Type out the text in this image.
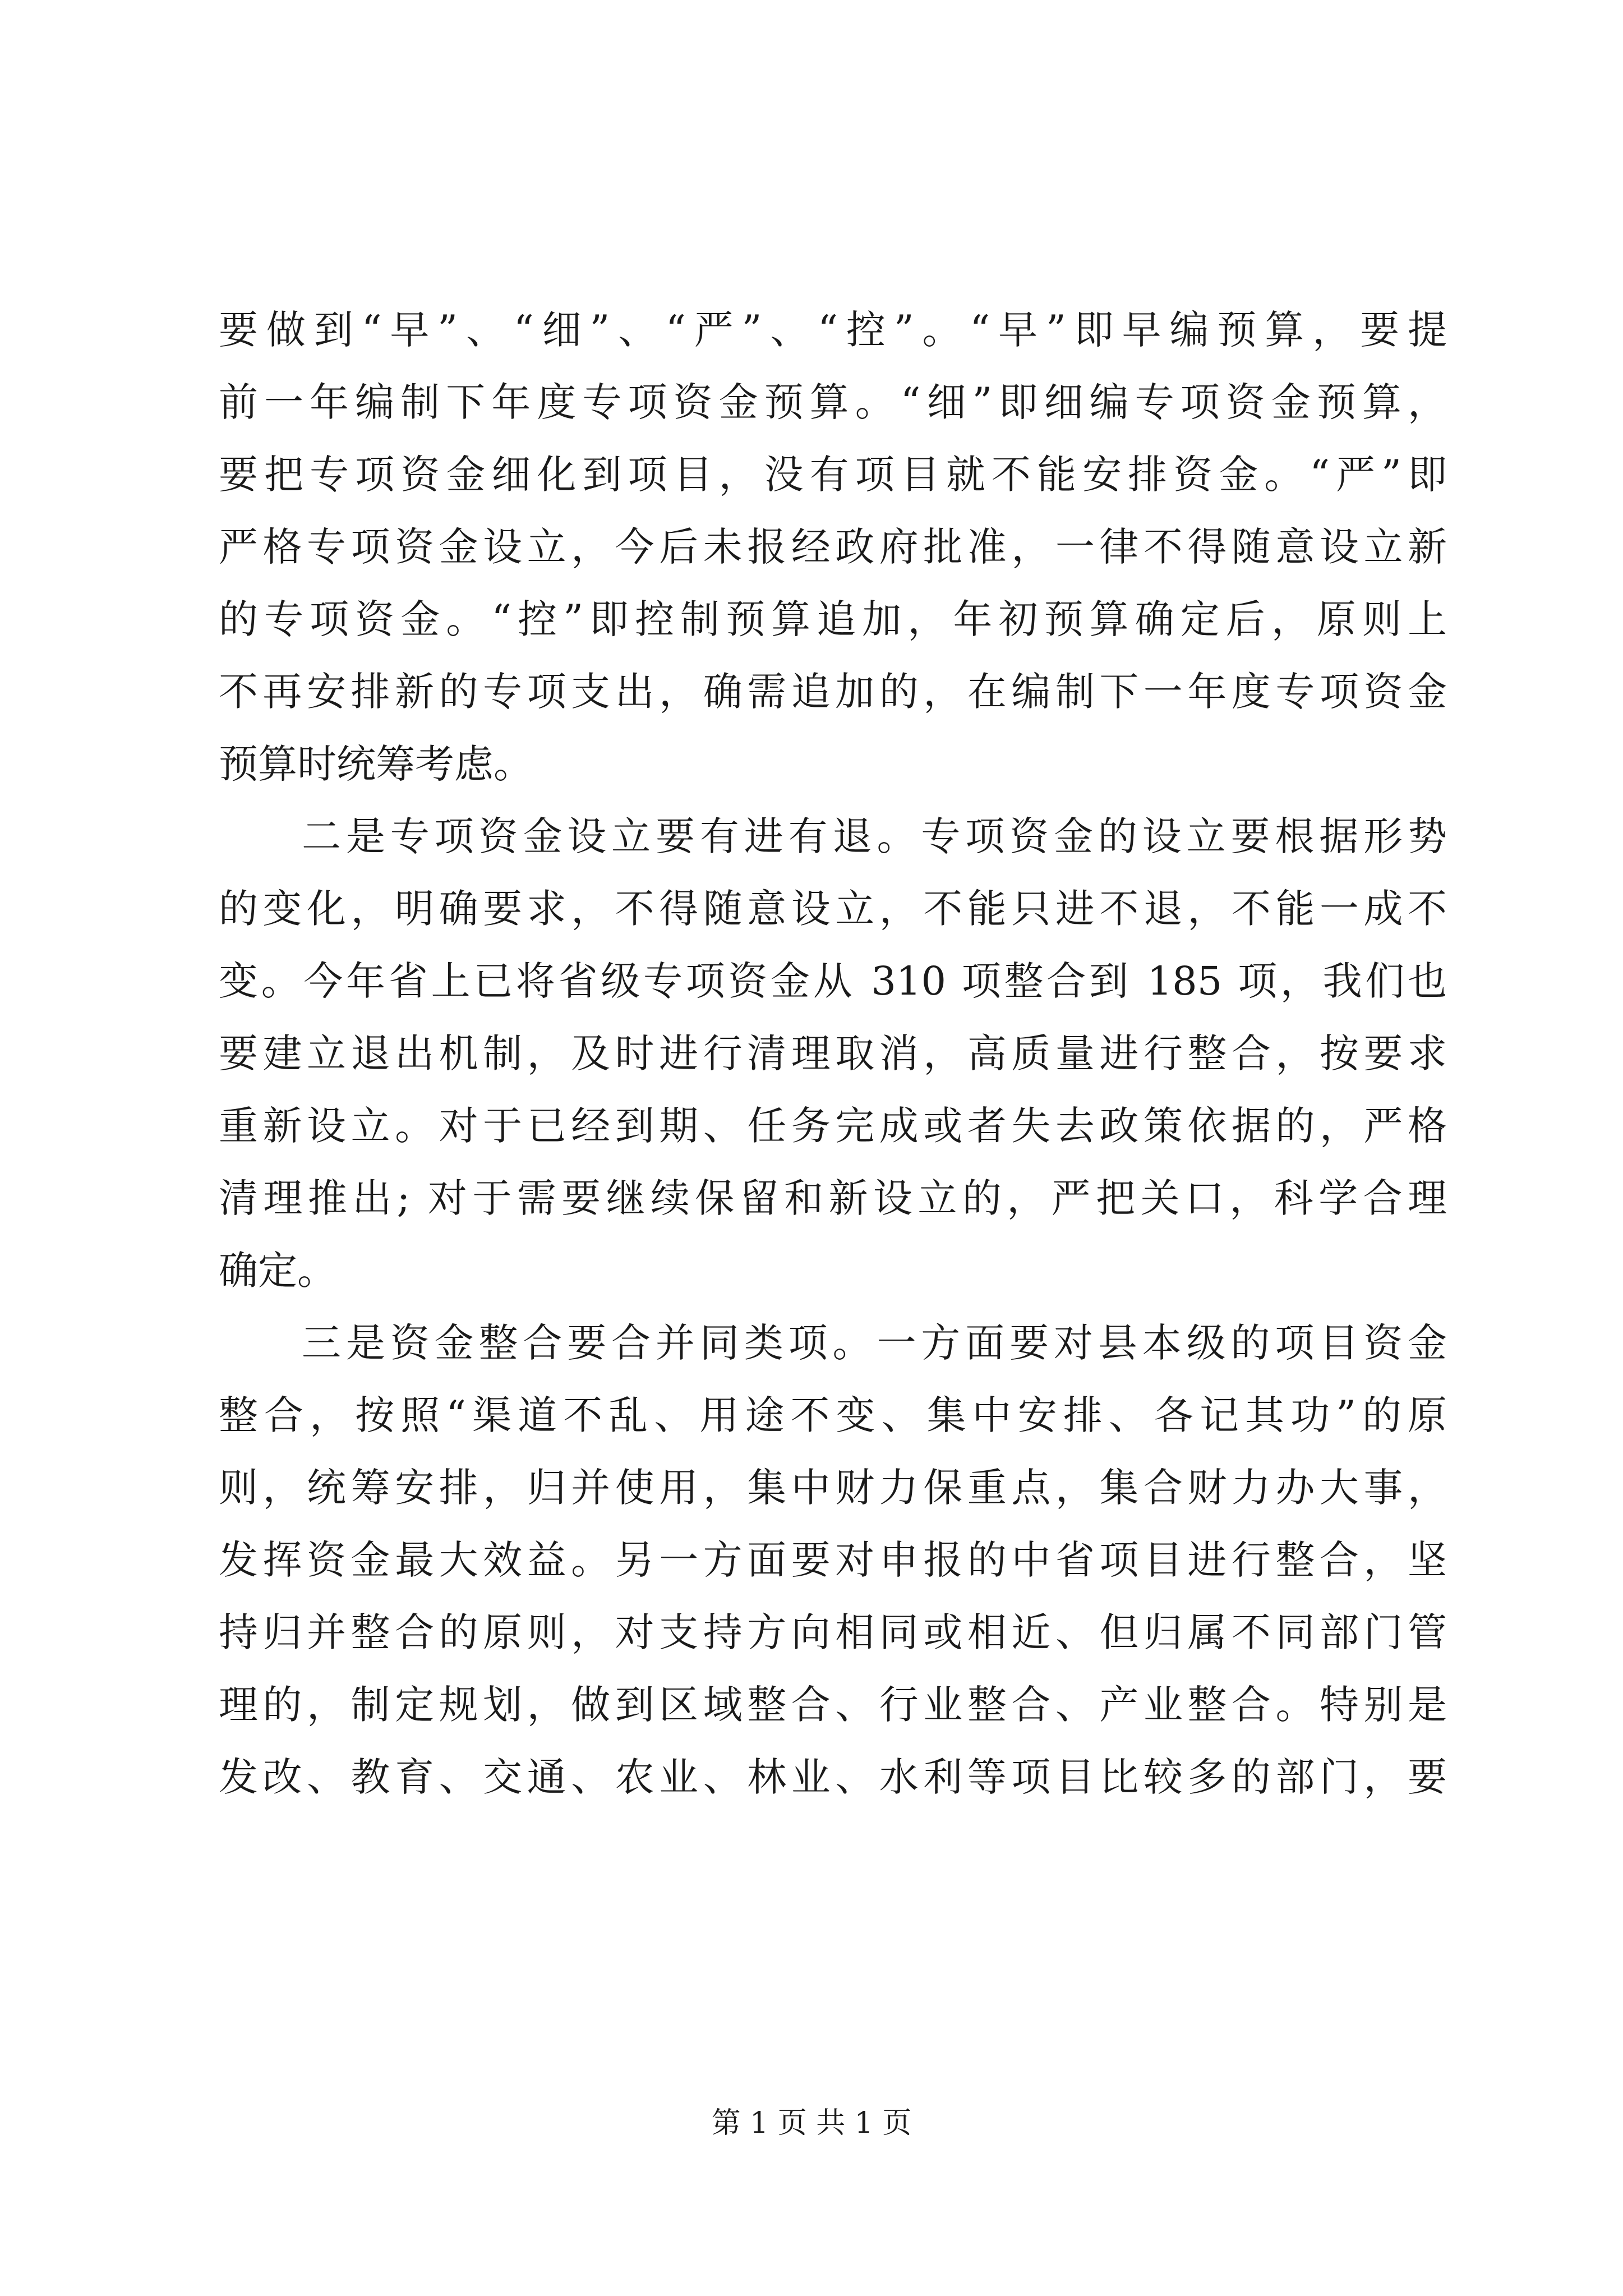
要做到“早”、“细”、“严”、“控”。“早”即早编预算，要提
前一年编制下年度专项资金预算。“细”即细编专项资金预算，
要把专项资金细化到项目，没有项目就不能安排资金。“严”即
严格专项资金设立，今后未报经政府批准，一律不得随意设立新
的专项资金。“控”即控制预算追加，年初预算确定后，原则上
不再安排新的专项支出，确需追加的，在编制下一年度专项资金
预算时统筹考虑。
二是专项资金设立要有进有退。专项资金的设立要根据形势
的变化，明确要求，不得随意设立，不能只进不退，不能一成不
变。今年省上已将省级专项资金从 310 项整合到 185 项，我们也
要建立退出机制，及时进行清理取消，高质量进行整合，按要求
重新设立。对于已经到期、任务完成或者失去政策依据的，严格
清理推出; 对于需要继续保留和新设立的，严把关口，科学合理
确定。
三是资金整合要合并同类项。一方面要对县本级的项目资金
整合，按照“渠道不乱、用途不变、集中安排、各记其功”的原
则，统筹安排，归并使用，集中财力保重点，集合财力办大事，
发挥资金最大效益。另一方面要对申报的中省项目进行整合，坚
持归并整合的原则，对支持方向相同或相近、但归属不同部门管
理的，制定规划，做到区域整合、行业整合、产业整合。特别是
发改、教育、交通、农业、林业、水利等项目比较多的部门，要
第 1 页 共 1 页
